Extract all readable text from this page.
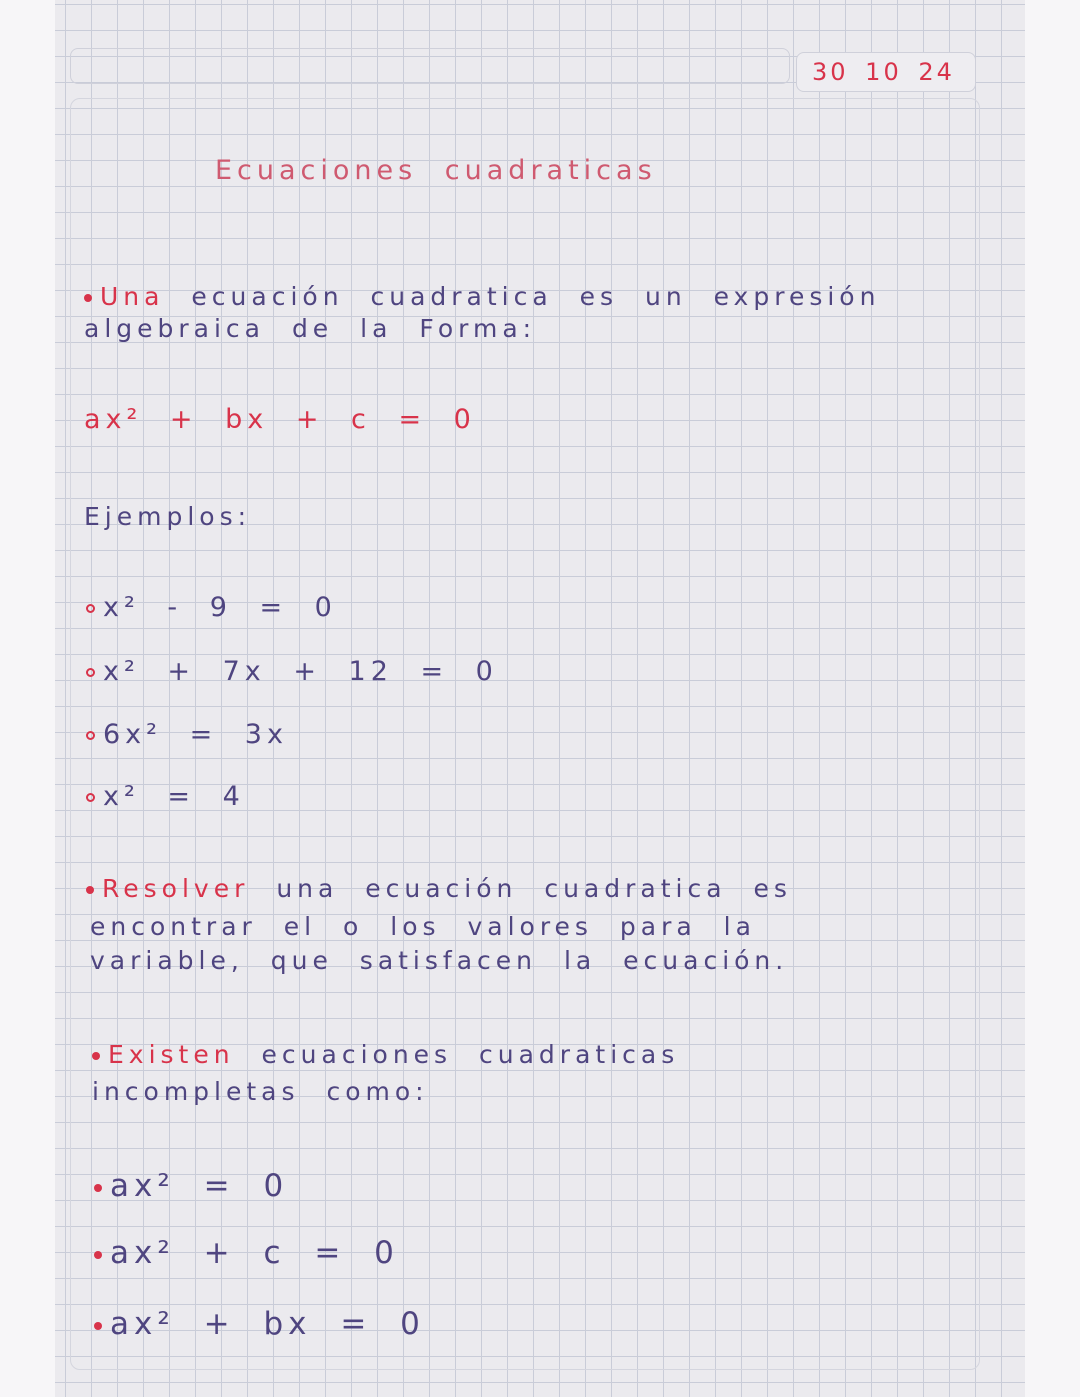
30 10 24
Ecuaciones cuadraticas
Una ecuación cuadratica es un expresión
algebraica de la Forma:
ax² + bx + c = 0
Ejemplos:
x² - 9 = 0
x² + 7x + 12 = 0
6x² = 3x
x² = 4
Resolver una ecuación cuadratica es
encontrar el o los valores para la
variable, que satisfacen la ecuación.
Existen ecuaciones cuadraticas
incompletas como:
ax² = 0
ax² + c = 0
ax² + bx = 0
